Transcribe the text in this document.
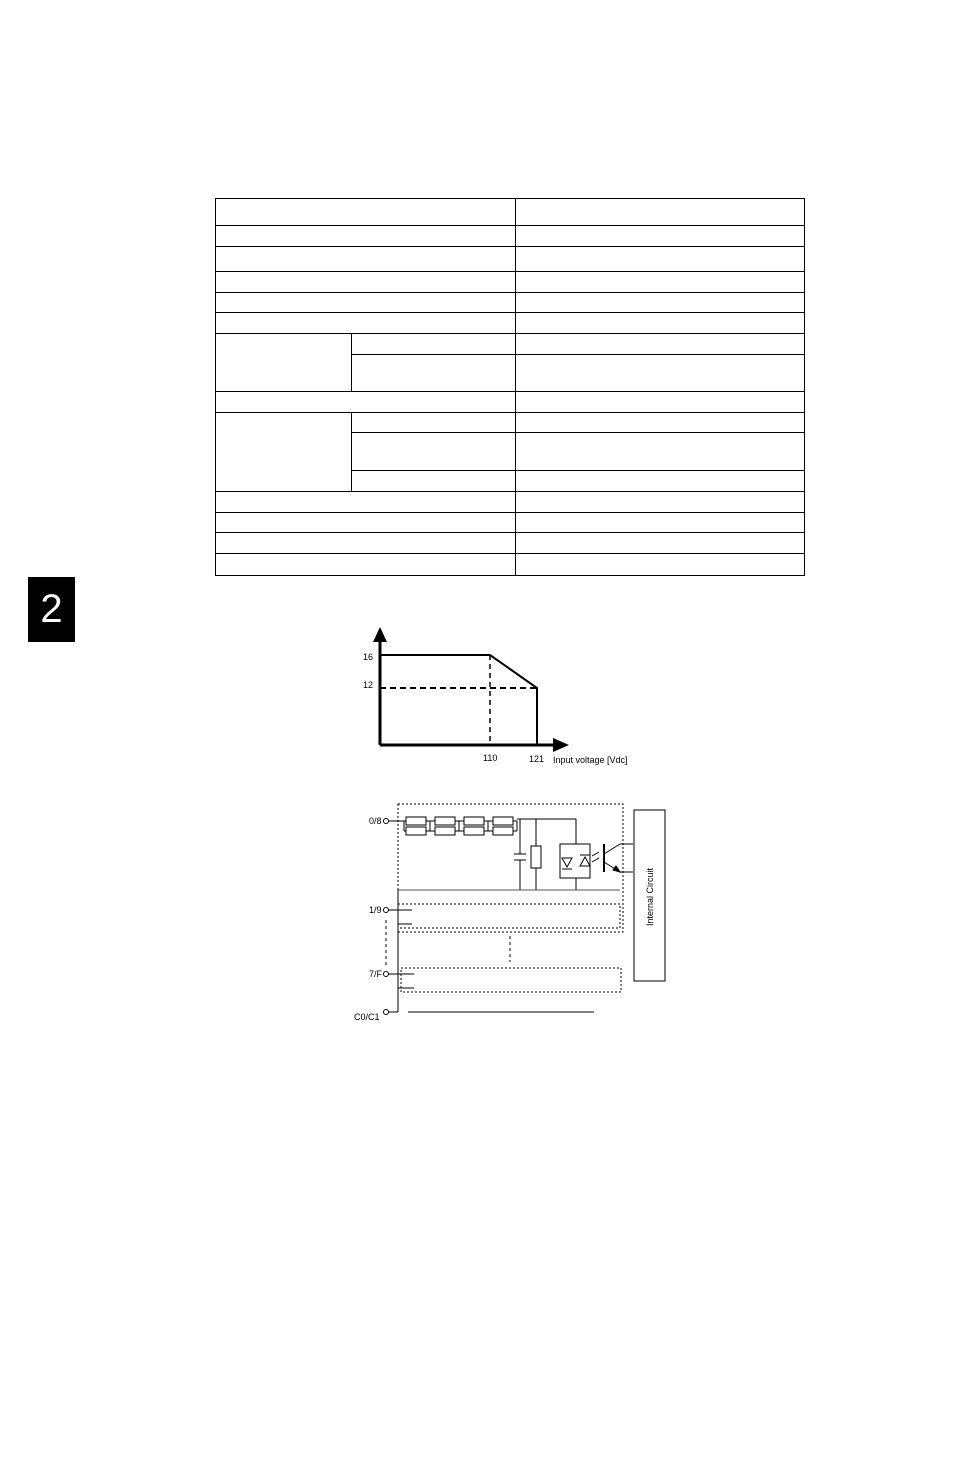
2
16
12
110	121 Input voltage [Vdc]
0/8
1/9
7/F
C0/C1
Internal Circuit
